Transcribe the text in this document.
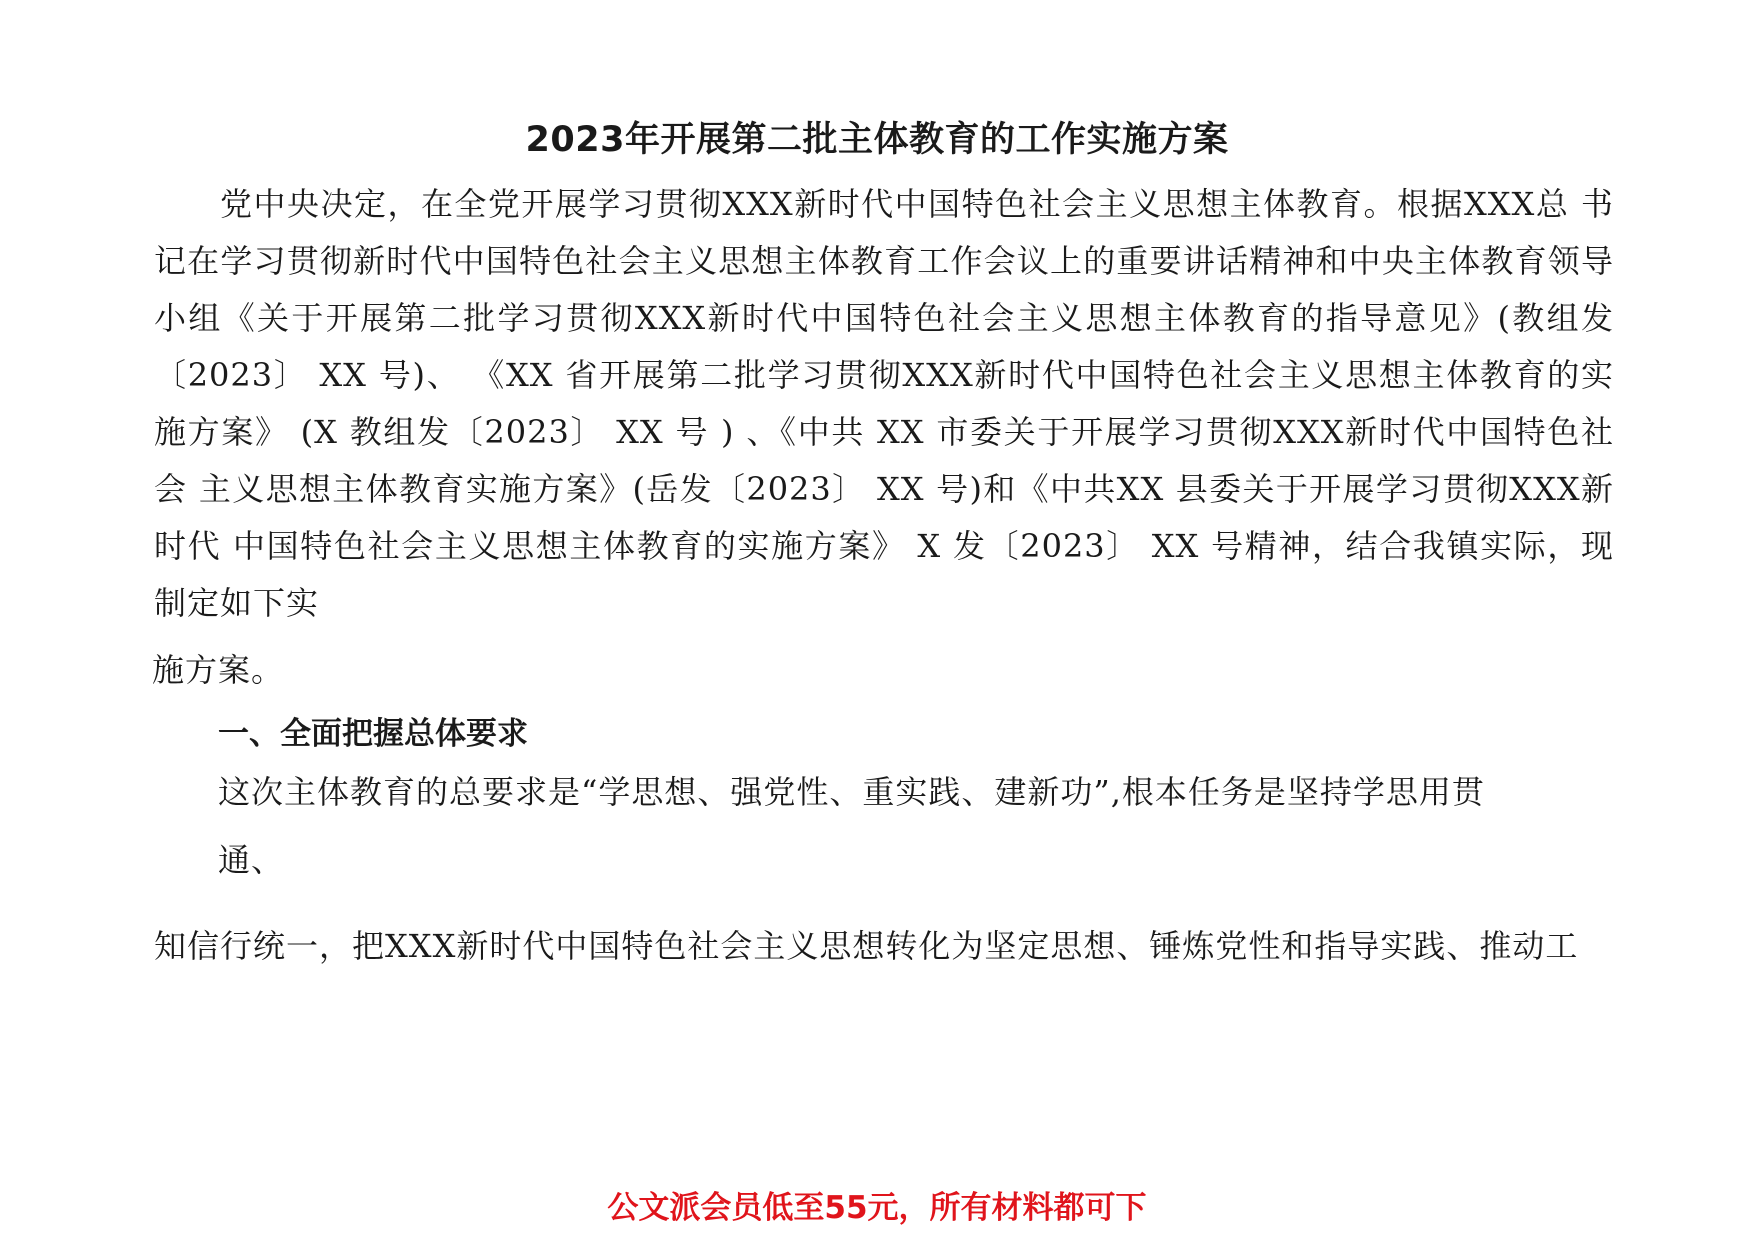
2023年开展第二批主体教育的工作实施方案

党中央决定，在全党开展学习贯彻XXX新时代中国特色社会主义思想主体教育。根据XXX总 书记在学习贯彻新时代中国特色社会主义思想主体教育工作会议上的重要讲话精神和中央主体教育领导小组《关于开展第二批学习贯彻XXX新时代中国特色社会主义思想主体教育的指导意见》(教组发〔2023〕 XX 号)、 《XX 省开展第二批学习贯彻XXX新时代中国特色社会主义思想主体教育的实 施方案》 (X 教组发〔2023〕 XX 号 ) 、《中共 XX 市委关于开展学习贯彻XXX新时代中国特色社会 主义思想主体教育实施方案》(岳发〔2023〕 XX 号)和《中共XX 县委关于开展学习贯彻XXX新时代 中国特色社会主义思想主体教育的实施方案》 X 发〔2023〕 XX 号精神，结合我镇实际，现制定如下实

施方案。

一、全面把握总体要求

这次主体教育的总要求是“学思想、强党性、重实践、建新功”,根本任务是坚持学思用贯

通、

知信行统一，把XXX新时代中国特色社会主义思想转化为坚定思想、锤炼党性和指导实践、推动工

公文派会员低至55元，所有材料都可下
